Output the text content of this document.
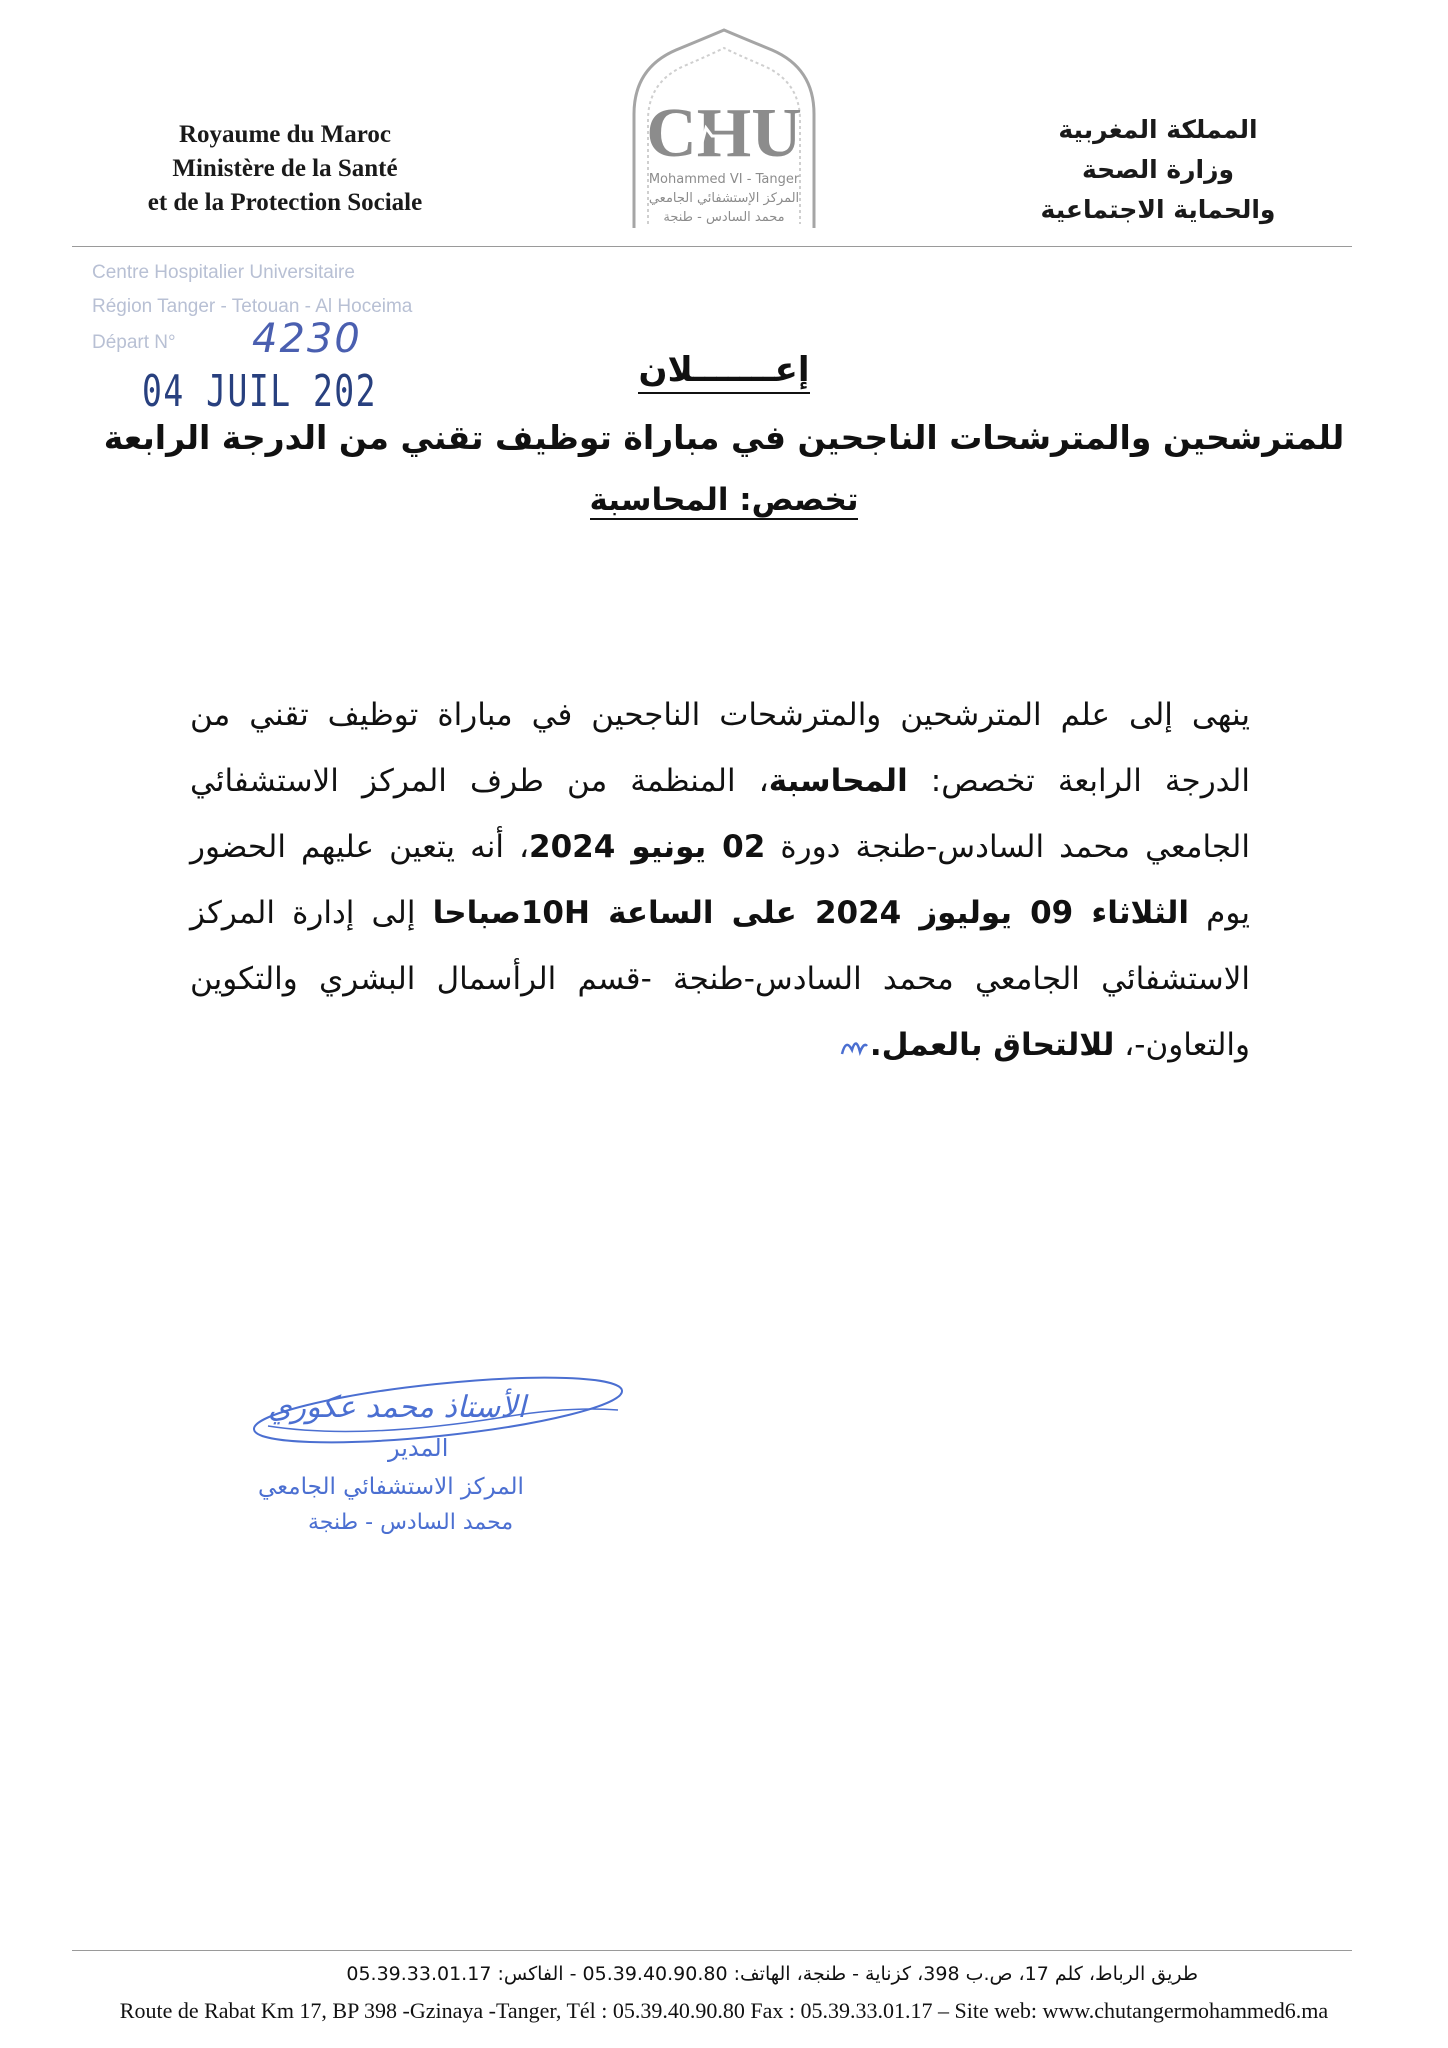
Royaume du Maroc
Ministère de la Santé
et de la Protection Sociale
المملكة المغربية
وزارة الصحة
والحماية الاجتماعية
CHU
Mohammed VI - Tanger
المركز الإستشفائي الجامعي
محمد السادس - طنجة
Centre Hospitalier Universitaire
Région Tanger - Tetouan - Al Hoceima
Départ N° 4230
04 JUIL 202	إعـــــــلان
للمترشحين والمترشحات الناجحين في مباراة توظيف تقني من الدرجة الرابعة
تخصص: المحاسبة
ينهى إلى علم المترشحين والمترشحات الناجحين في مباراة توظيف تقني من الدرجة الرابعة تخصص: المحاسبة، المنظمة من طرف المركز الاستشفائي الجامعي محمد السادس-طنجة دورة 02 يونيو 2024، أنه يتعين عليهم الحضور يوم الثلاثاء 09 يوليوز 2024 على الساعة 10Hصباحا إلى إدارة المركز الاستشفائي الجامعي محمد السادس-طنجة -قسم الرأسمال البشري والتكوين والتعاون-، للالتحاق بالعمل.
الأستاذ محمد عكوري
المدير
المركز الاستشفائي الجامعي
محمد السادس - طنجة
طريق الرباط، كلم 17، ص.ب 398، كزناية - طنجة، الهاتف: 05.39.40.90.80 - الفاكس: 05.39.33.01.17
Route de Rabat Km 17, BP 398 -Gzinaya -Tanger, Tél : 05.39.40.90.80 Fax : 05.39.33.01.17 – Site web: www.chutangermohammed6.ma
